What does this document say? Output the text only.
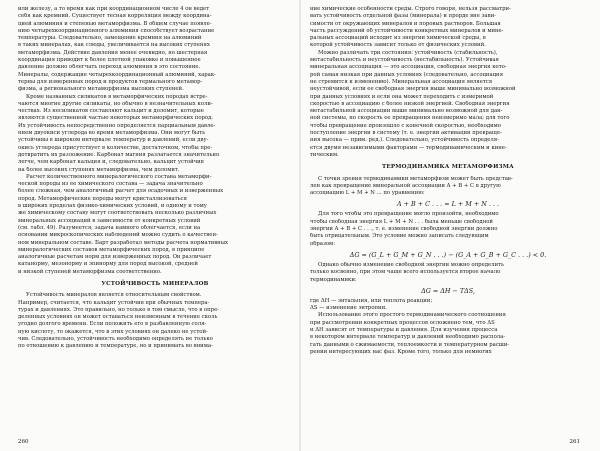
или железу, а то время как при координационном числе 4 он ведет
себя как кремний. Существует тесная корреляция между координа-
цией алюминия и степенью метаморфизма. В общем случае появле-
нию четырехкоординационного алюминия способствует возрастание
температуры. Следовательно, замещение кремния на алюминий
в таких минералах, как слюды, увеличивается на высоких ступенях
метаморфизма. Действие давления менее очевидно, но шестерная
координация приводит к более плотной упаковке и повышенное
давление должно облегчать переход алюминия в это состояние.
Минералы, содержащие четырехкоординационный алюминий, харак-
терны для измеренных пород и продуктов термального метамор-
физма, а регионального метаморфизма высоких ступеней.
Кроме названных силикатов в метаморфических породах встре-
чаются многие другие силикаты, но обычно в незначительных коли-
чествах. Из несиликатов составляют кальцит и доломит, которые
являются существенной частью некоторых метаморфических пород.
Их устойчивость непосредственно определяется парциальным давле-
нием двуокиси углерода во время метаморфизма. Они могут быть
устойчивы в широком интервале температур и давлений, если дву-
окись углерода присутствует в количестве, достаточном, чтобы пре-
дотвратить их разложение. Карбонат магния разлагается значительно
легче, чем карбонат кальция и, следовательно, кальцит устойчив
на более высоких ступенях метаморфизма, чем доломит.
Расчет количественного минералогического состава метаморфи-
ческой породы из ее химического состава — задача значительно
более сложная, чем аналогичный расчет для осадочных и изверженных
пород. Метаморфические породы могут кристаллизоваться
в широких пределах физико-химических условий, и одному и тому
же химическому составу могут соответствовать несколько различных
минеральных ассоциаций в зависимости от конкретных условий
(см. табл. 49). Разумеется, задача намного облегчается, если на
основании микроскопических наблюдений можно судить о качествен-
ном минеральном составе. Барт разработал методы расчета нормативных
минералогических составов метаморфических пород, в принципе
аналогичные расчетам норм для изверженных пород. Он различает
катанорму, мезонорму и эпинорму для пород высокой, средней
и низкой ступеней метаморфизма соответственно.
УСТОЙЧИВОСТЬ МИНЕРАЛОВ
Устойчивость минералов является относительным свойством.
Например, считается, что кальцит устойчив при обычных темпера-
турах и давлениях. Это правильно, но только в том смысле, что в опре-
деленных условиях он может оставаться неизменным в течение сколь
угодно долгого времени. Если положить его в разбавленную соля-
ную кислоту, то окажется, что в этих условиях он далеко не устой-
чив. Следовательно, устойчивость необходимо определять не только
по отношению к давлению и температуре, но и принимать во внима-
260
ние химические особенности среды. Строго говоря, нельзя рассматри-
вать устойчивость отдельной фазы (минерала) и прорде вне зави-
симости от окружающих минералов и поровых растворов. Большая
часть рассуждений об устойчивости конкретных минералов и мине-
ральных ассоциаций исходит из энергии химической среды, в
которой устойчивость зависит только от физических условий.
Можно различать три состояния: устойчивость (стабильность),
метастабильность и неустойчивость (нестабильность). Устойчивая
минеральная ассоциация — это ассоциация, свободная энергия кото-
рой самая низкая при данных условиях (следовательно, ассоциация
не стремится к изменению). Минеральная ассоциация является
неустойчивой, если ее свободная энергия выше минимально возможной
при данных условиях и если она может переходить с измеримой
скоростью в ассоциацию с более низкой энергией. Свободная энергия
метастабильной ассоциации выше минимально возможной для дан-
ной системы, но скорость ее превращения неизмеримо мала; для того
чтобы превращение произошло с конечной скоростью, необходимо
поступление энергии в систему (т. е. энергии активации превраще-
ния высока — прим. ред.). Следовательно, устойчивость определя-
ется двумя независимыми факторами — термодинамическим и кине-
тическим.
ТЕРМОДИНАМИКА МЕТАМОРФИЗМА
С точки зрения термодинамики метаморфизм может быть представ-
лен как превращение минеральной ассоциации A + B + C в другую
ассоциацию L + M + N ... по уравнению:
A + B + C . . . = L + M + N . . .
Для того чтобы это превращение могло произойти, необходимо
чтобы свободная энергия L + M + N . . . была меньше свободной
энергии A + B + C . . ., т. е. изменение свободной энергии должно
быть отрицательным. Это условие можно записать следующим
образом:
ΔG = (G_L + G_M + G_N . . .) − (G_A + G_B + G_C . . .) < 0.
Однако обычно изменение свободной энергии можно определить
только косвенно, при этом чаще всего используется второе начало
термодинамики:
ΔG = ΔH − TΔS,
где ΔH — энтальпия, или теплота реакции;
ΔS — изменение энтропии.
Использование этого простого термодинамического соотношения
при рассмотрении конкретных процессов осложнено тем, что ΔS
и ΔH зависят от температуры и давления. Для изучения процесса
в некотором интервале температур и давлений необходимо распола-
гать данными о сжимаемости, теплоемкости и температурном расши-
рении интересующих нас фаз. Кроме того, только для немногих
261
